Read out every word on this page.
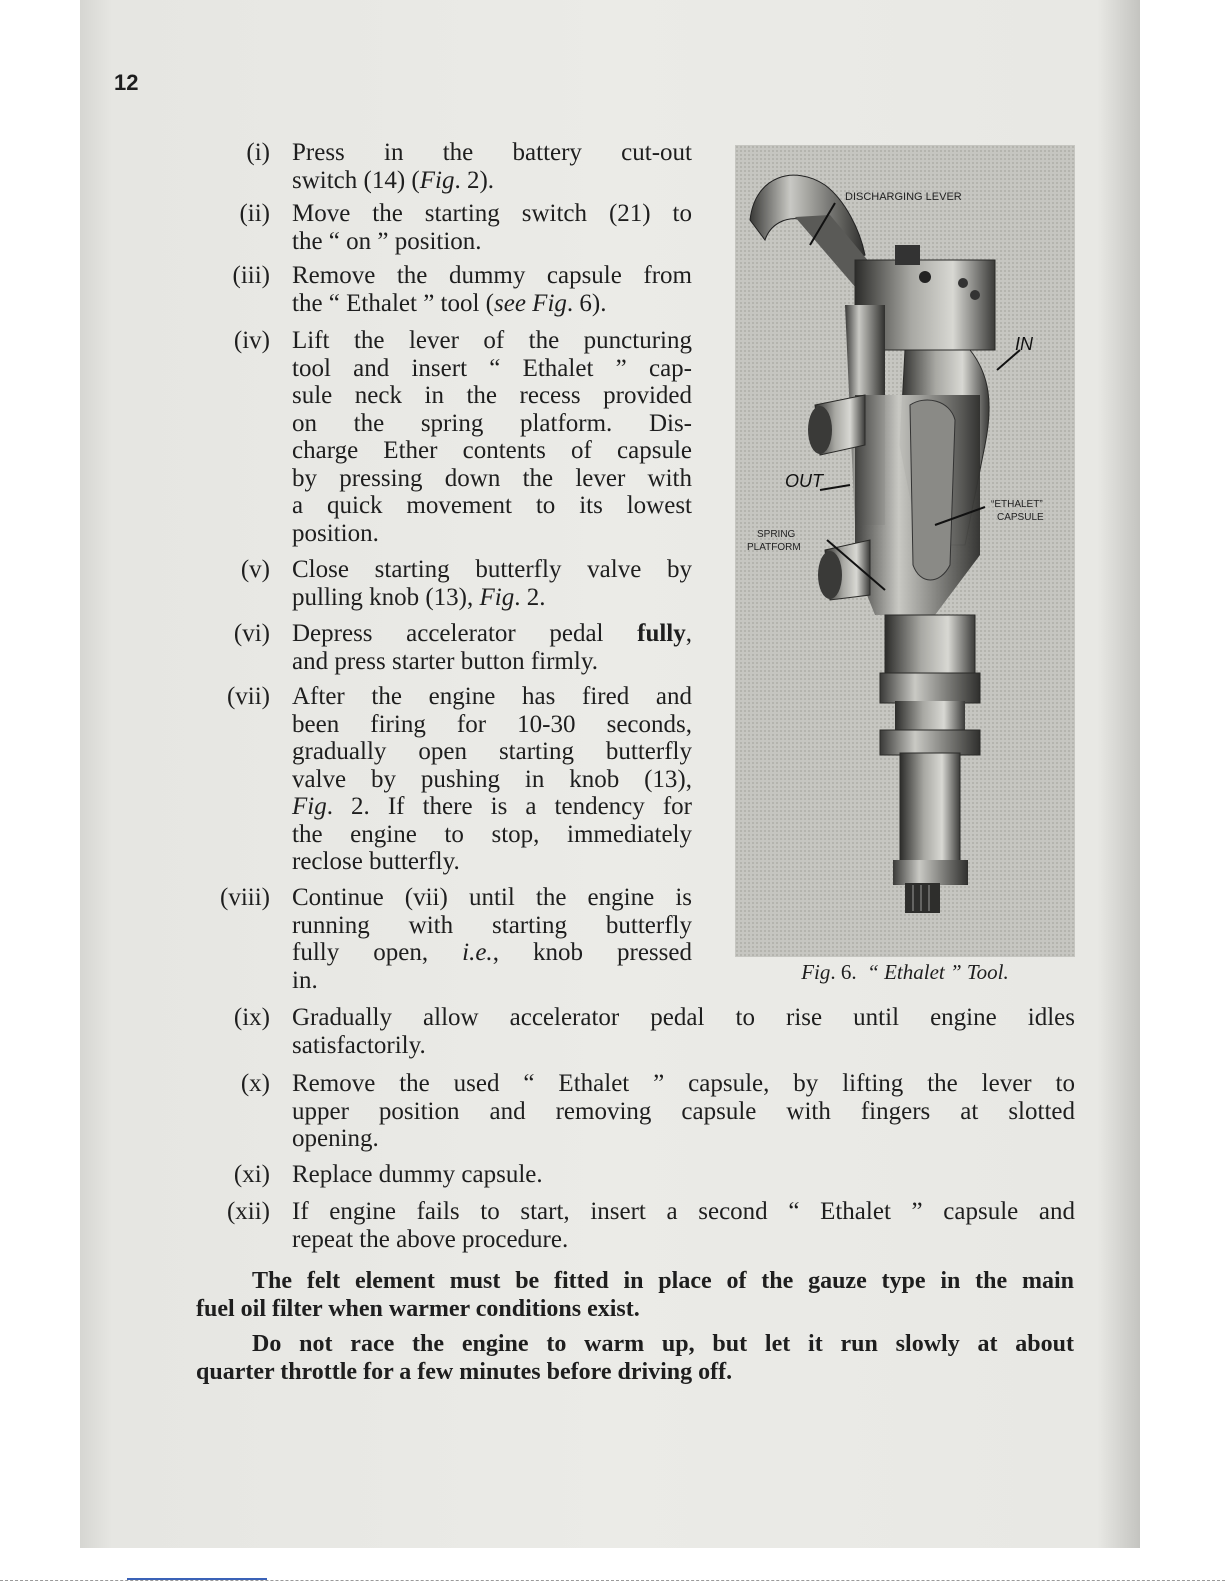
12
(i) Press in the battery cut-out
switch (14) (Fig. 2).
(ii) Move the starting switch (21) to
the “ on ” position.
(iii) Remove the dummy capsule from
the “ Ethalet ” tool (see Fig. 6).
(iv) Lift the lever of the puncturing
tool and insert “ Ethalet ” cap-
sule neck in the recess provided
on the spring platform. Dis-
charge Ether contents of capsule
by pressing down the lever with
a quick movement to its lowest
position.
(v) Close starting butterfly valve by
pulling knob (13), Fig. 2.
(vi) Depress accelerator pedal fully,
and press starter button firmly.
(vii) After the engine has fired and
been firing for 10-30 seconds,
gradually open starting butterfly
valve by pushing in knob (13),
Fig. 2. If there is a tendency for
the engine to stop, immediately
reclose butterfly.
(viii) Continue (vii) until the engine is
running with starting butterfly
fully open, i.e., knob pressed
in.
DISCHARGING LEVER
IN
OUT
SPRING
PLATFORM
“ETHALET”
CAPSULE
Fig. 6.  “ Ethalet ” Tool.
(ix) Gradually allow accelerator pedal to rise until engine idles
satisfactorily.
(x) Remove the used “ Ethalet ” capsule, by lifting the lever to
upper position and removing capsule with fingers at slotted
opening.
(xi) Replace dummy capsule.
(xii) If engine fails to start, insert a second “ Ethalet ” capsule and
repeat the above procedure.
The felt element must be fitted in place of the gauze type in the main
fuel oil filter when warmer conditions exist.
Do not race the engine to warm up, but let it run slowly at about
quarter throttle for a few minutes before driving off.
